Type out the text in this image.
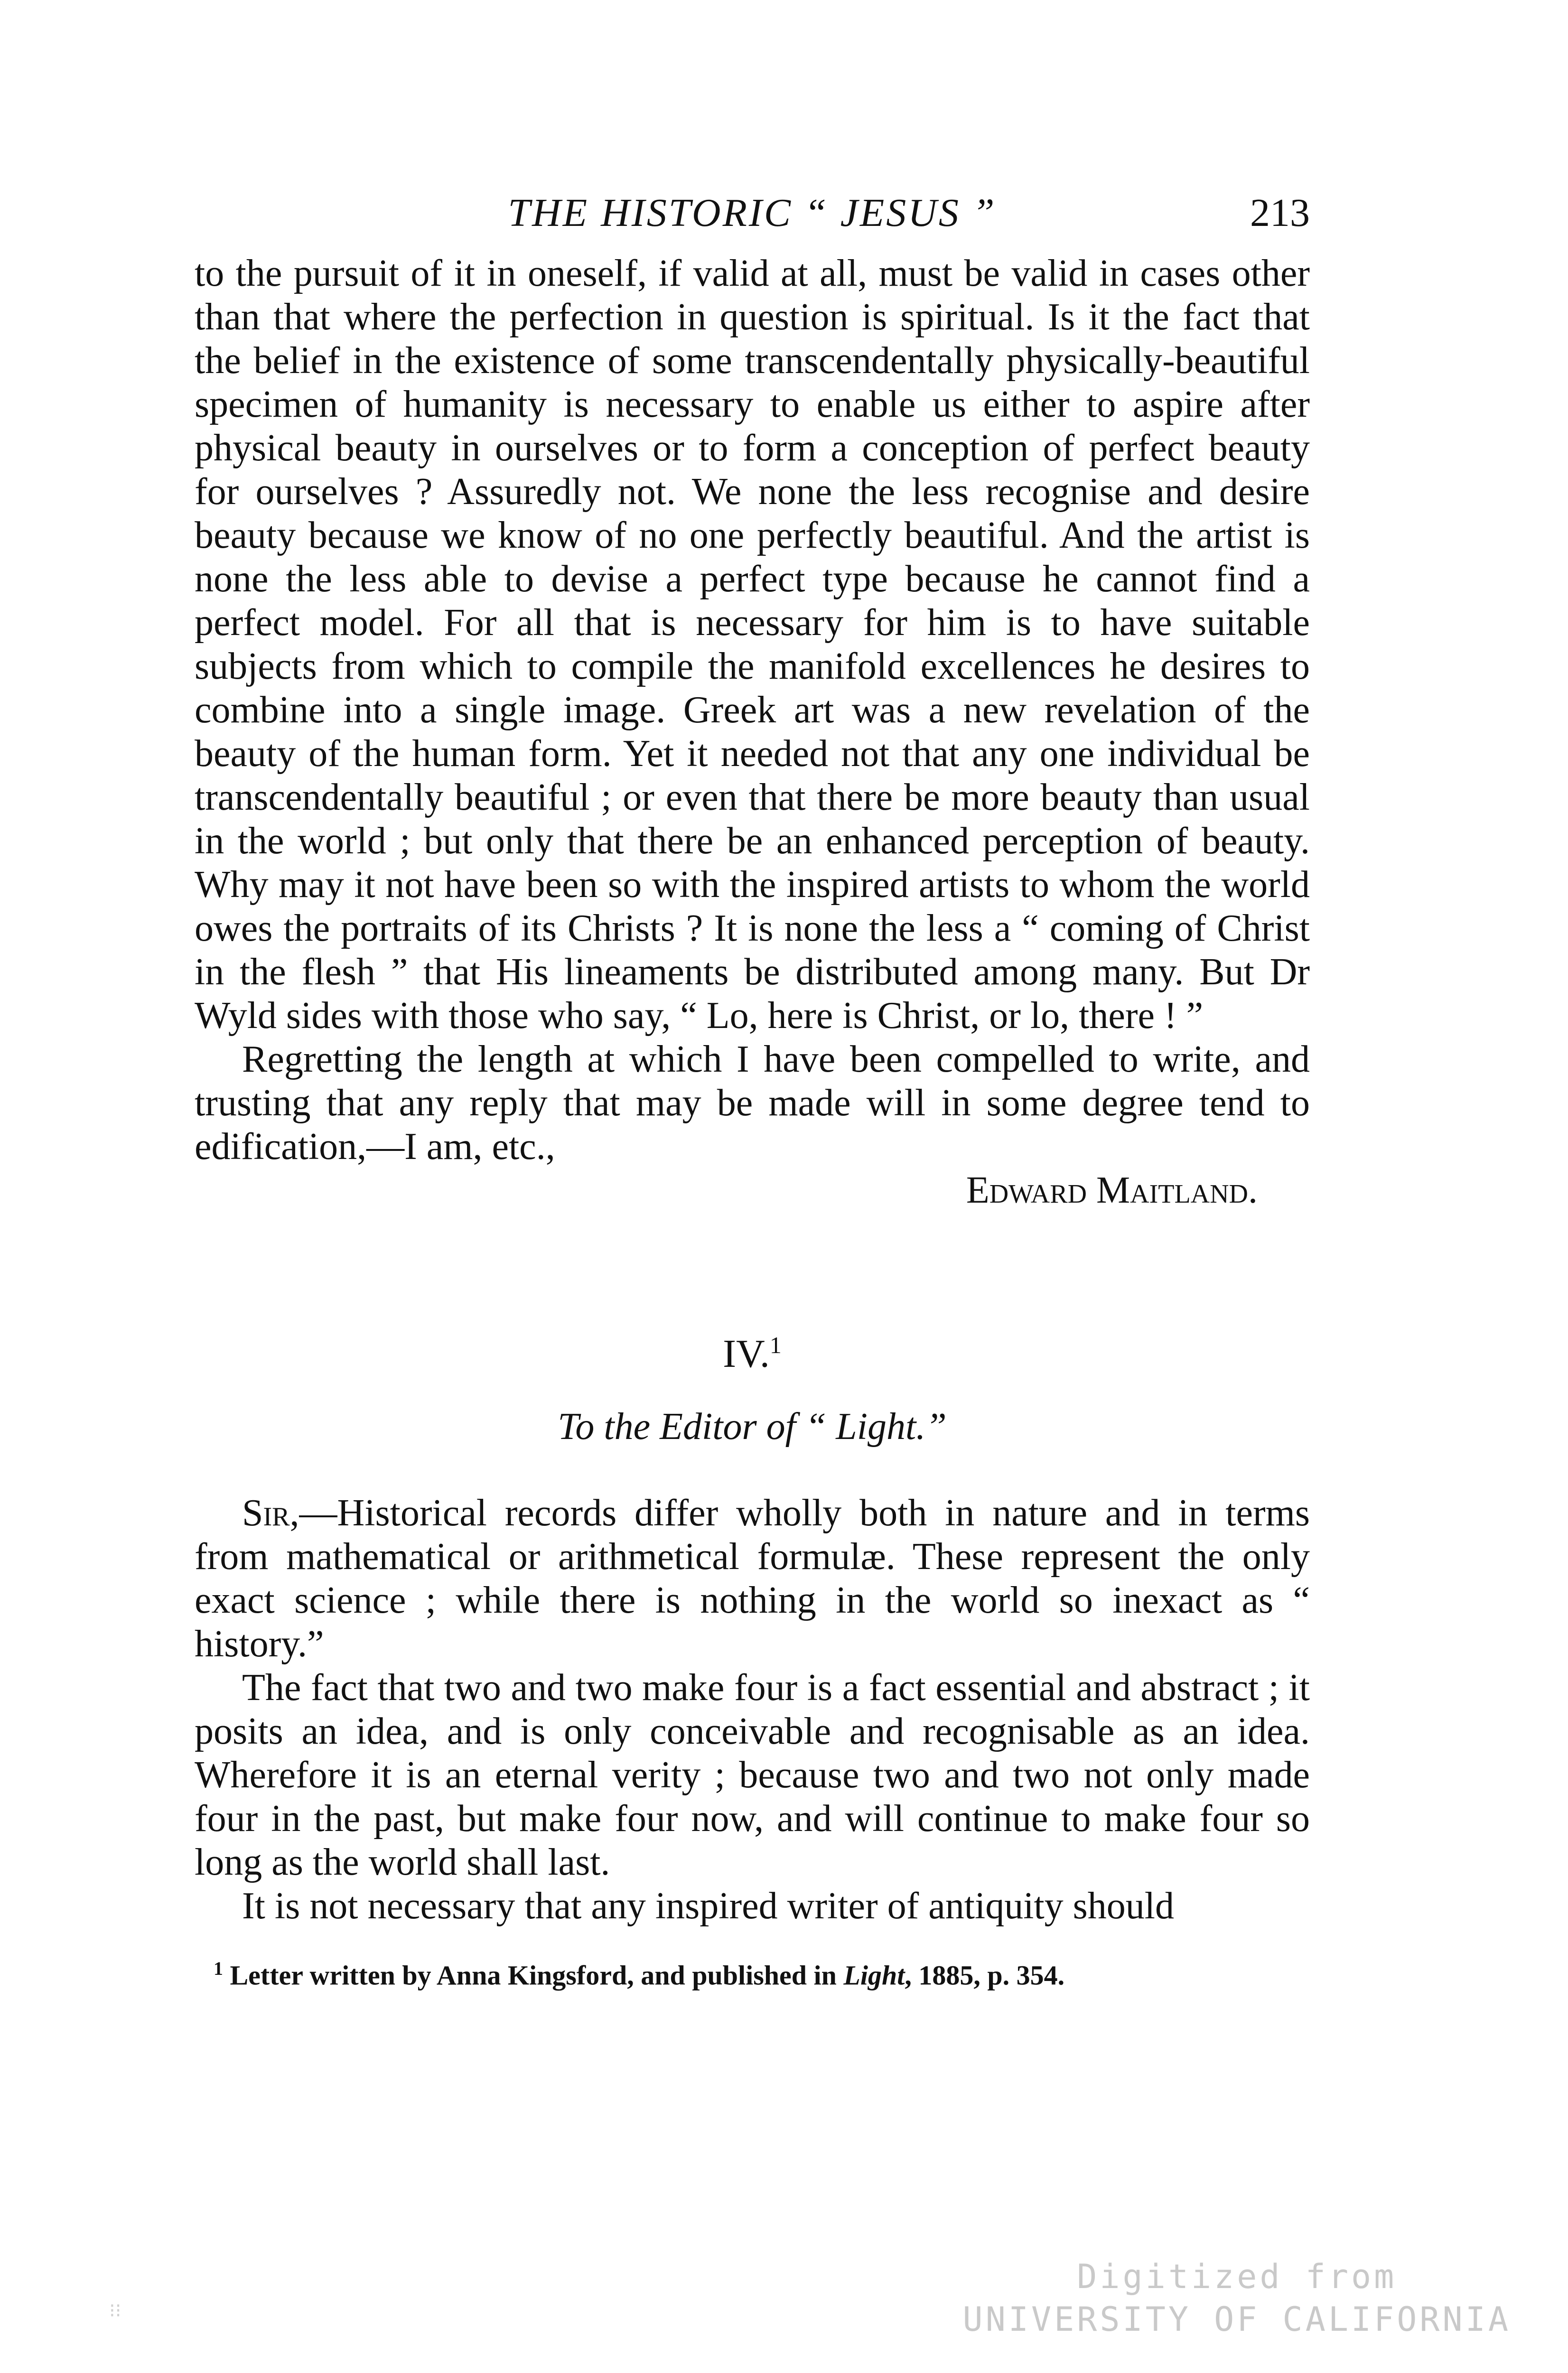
THE HISTORIC “ JESUS ”	213

to the pursuit of it in oneself, if valid at all, must be valid in cases other than that where the perfection in question is spiritual. Is it the fact that the belief in the existence of some transcendentally physically-beautiful specimen of humanity is necessary to enable us either to aspire after physical beauty in ourselves or to form a conception of perfect beauty for ourselves ? Assuredly not. We none the less recognise and desire beauty because we know of no one perfectly beautiful. And the artist is none the less able to devise a perfect type because he cannot find a perfect model. For all that is necessary for him is to have suitable subjects from which to compile the manifold excellences he desires to combine into a single image. Greek art was a new revelation of the beauty of the human form. Yet it needed not that any one individual be transcendentally beautiful ; or even that there be more beauty than usual in the world ; but only that there be an enhanced perception of beauty. Why may it not have been so with the inspired artists to whom the world owes the portraits of its Christs ? It is none the less a “ coming of Christ in the flesh ” that His lineaments be distributed among many. But Dr Wyld sides with those who say, “ Lo, here is Christ, or lo, there ! ”

Regretting the length at which I have been compelled to write, and trusting that any reply that may be made will in some degree tend to edification,—I am, etc.,

Edward Maitland.
IV.$^1$
To the Editor of “ Light.”

Sir,—Historical records differ wholly both in nature and in terms from mathematical or arithmetical formulæ. These represent the only exact science ; while there is nothing in the world so inexact as “ history.”

The fact that two and two make four is a fact essential and abstract ; it posits an idea, and is only conceivable and recognisable as an idea. Wherefore it is an eternal verity ; because two and two not only made four in the past, but make four now, and will continue to make four so long as the world shall last.

It is not necessary that any inspired writer of antiquity should

$^1$ Letter written by Anna Kingsford, and published in Light, 1885, p. 354.
⁝⁝
Digitized from
UNIVERSITY OF CALIFORNIA
